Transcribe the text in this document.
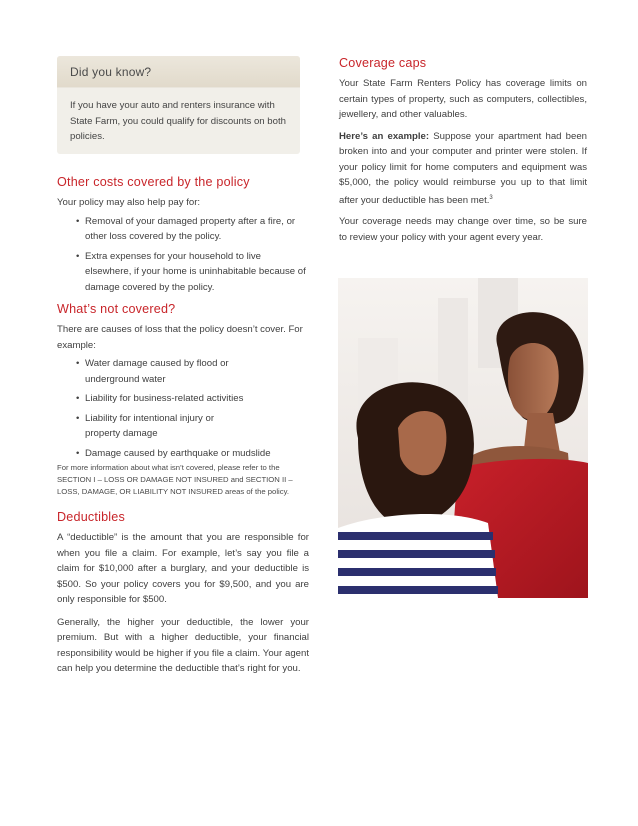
Did you know?
If you have your auto and renters insurance with State Farm, you could qualify for discounts on both policies.
Other costs covered by the policy

Your policy may also help pay for:

• Removal of your damaged property after a fire, or other loss covered by the policy.
• Extra expenses for your household to live elsewhere, if your home is uninhabitable because of damage covered by the policy.
What’s not covered?

There are causes of loss that the policy doesn’t cover. For example:

• Water damage caused by flood or underground water
• Liability for business-related activities
• Liability for intentional injury or property damage
• Damage caused by earthquake or mudslide

For more information about what isn’t covered, please refer to the SECTION I – LOSS OR DAMAGE NOT INSURED and SECTION II – LOSS, DAMAGE, OR LIABILITY NOT INSURED areas of the policy.

Deductibles

A “deductible” is the amount that you are responsible for when you file a claim. For example, let’s say you file a claim for $10,000 after a burglary, and your deductible is $500. So your policy covers you for $9,500, and you are only responsible for $500.

Generally, the higher your deductible, the lower your premium. But with a higher deductible, your financial responsibility would be higher if you file a claim. Your agent can help you determine the deductible that’s right for you.

Coverage caps

Your State Farm Renters Policy has coverage limits on certain types of property, such as computers, collectibles, jewellery, and other valuables.

Here’s an example: Suppose your apartment had been broken into and your computer and printer were stolen. If your policy limit for home computers and equipment was $5,000, the policy would reimburse you up to that limit after your deductible has been met.$^3$

Your coverage needs may change over time, so be sure to review your policy with your agent every year.
